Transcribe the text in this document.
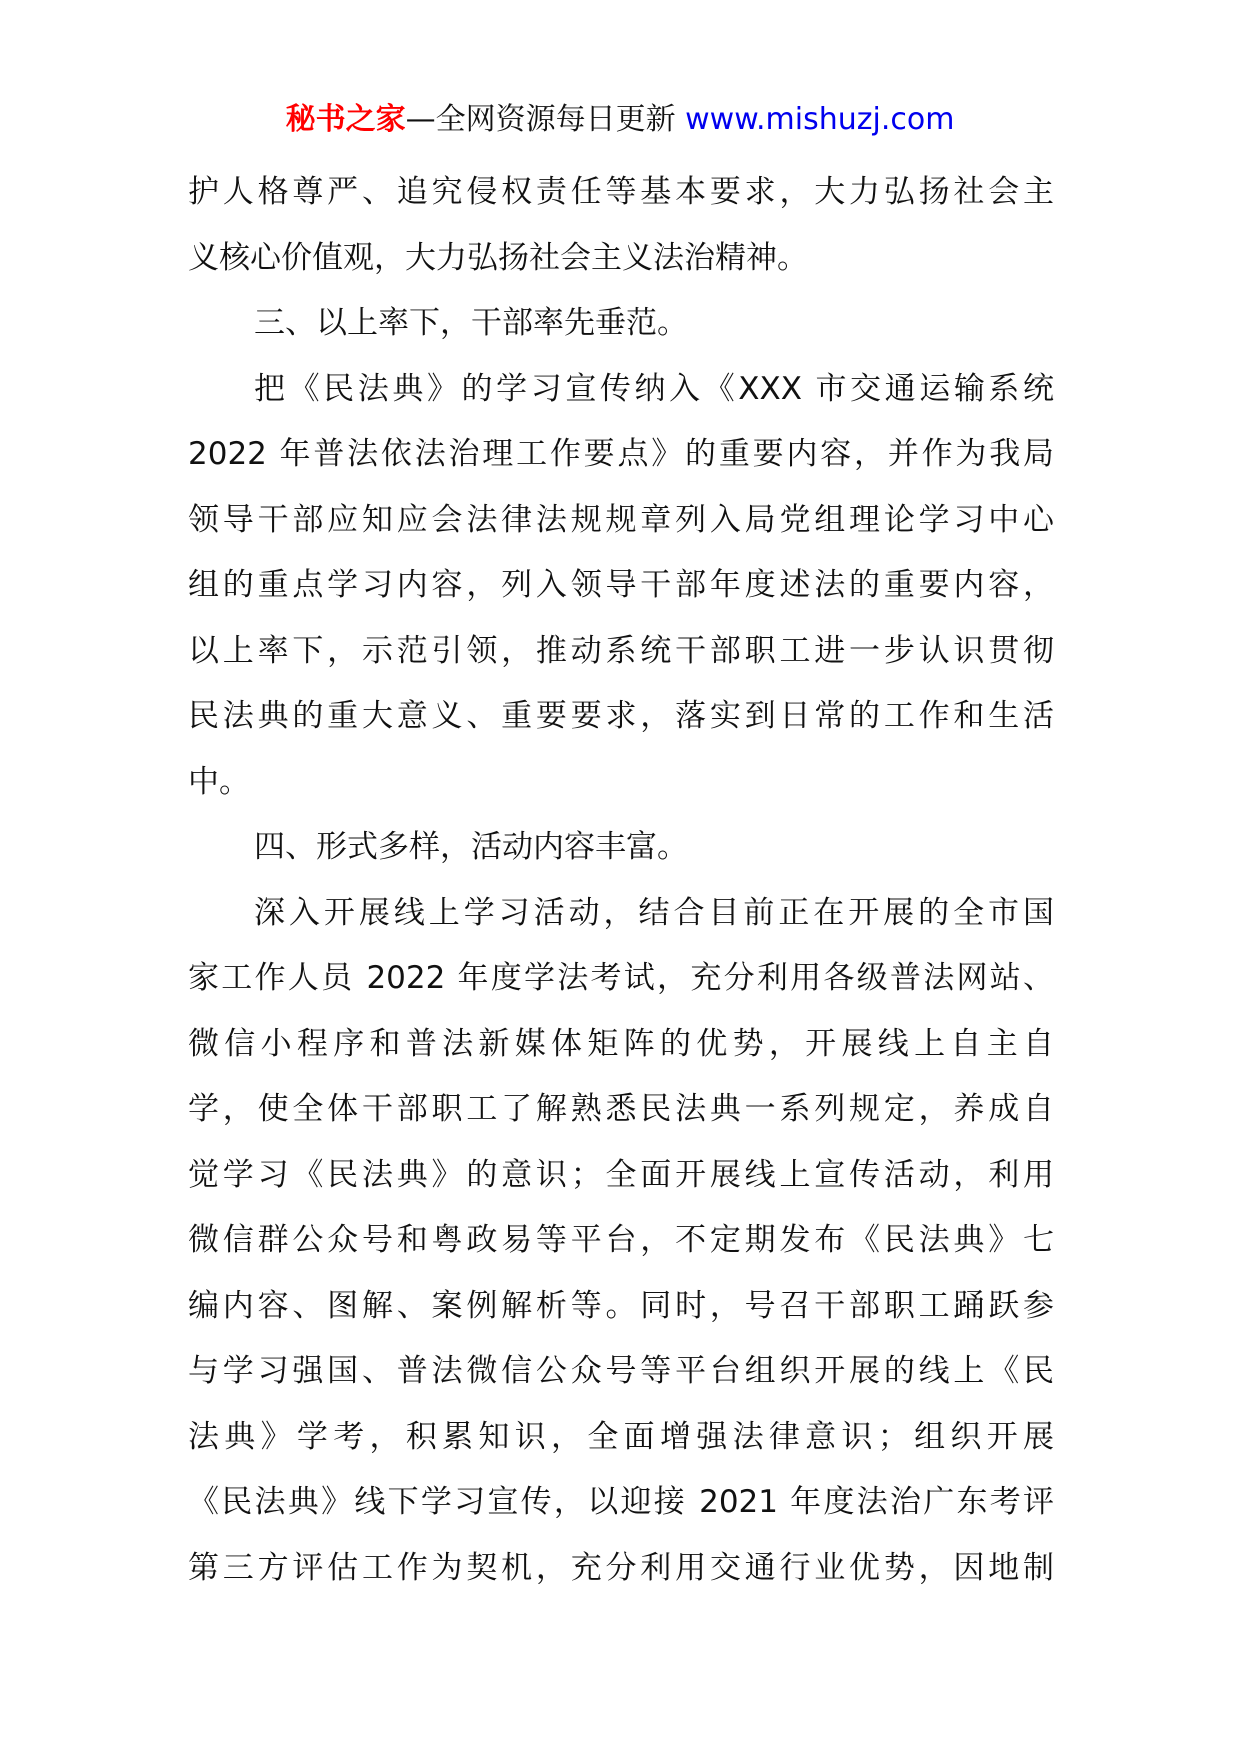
秘书之家—全网资源每日更新 www.mishuzj.com
护人格尊严、追究侵权责任等基本要求，大力弘扬社会主
义核心价值观，大力弘扬社会主义法治精神。
三、以上率下，干部率先垂范。
把《民法典》的学习宣传纳入《XXX 市交通运输系统
2022 年普法依法治理工作要点》的重要内容，并作为我局
领导干部应知应会法律法规规章列入局党组理论学习中心
组的重点学习内容，列入领导干部年度述法的重要内容，
以上率下，示范引领，推动系统干部职工进一步认识贯彻
民法典的重大意义、重要要求，落实到日常的工作和生活
中。
四、形式多样，活动内容丰富。
深入开展线上学习活动，结合目前正在开展的全市国
家工作人员 2022 年度学法考试，充分利用各级普法网站、
微信小程序和普法新媒体矩阵的优势，开展线上自主自
学，使全体干部职工了解熟悉民法典一系列规定，养成自
觉学习《民法典》的意识；全面开展线上宣传活动，利用
微信群公众号和粤政易等平台，不定期发布《民法典》七
编内容、图解、案例解析等。同时，号召干部职工踊跃参
与学习强国、普法微信公众号等平台组织开展的线上《民
法典》学考，积累知识，全面增强法律意识；组织开展
《民法典》线下学习宣传，以迎接 2021 年度法治广东考评
第三方评估工作为契机，充分利用交通行业优势，因地制
